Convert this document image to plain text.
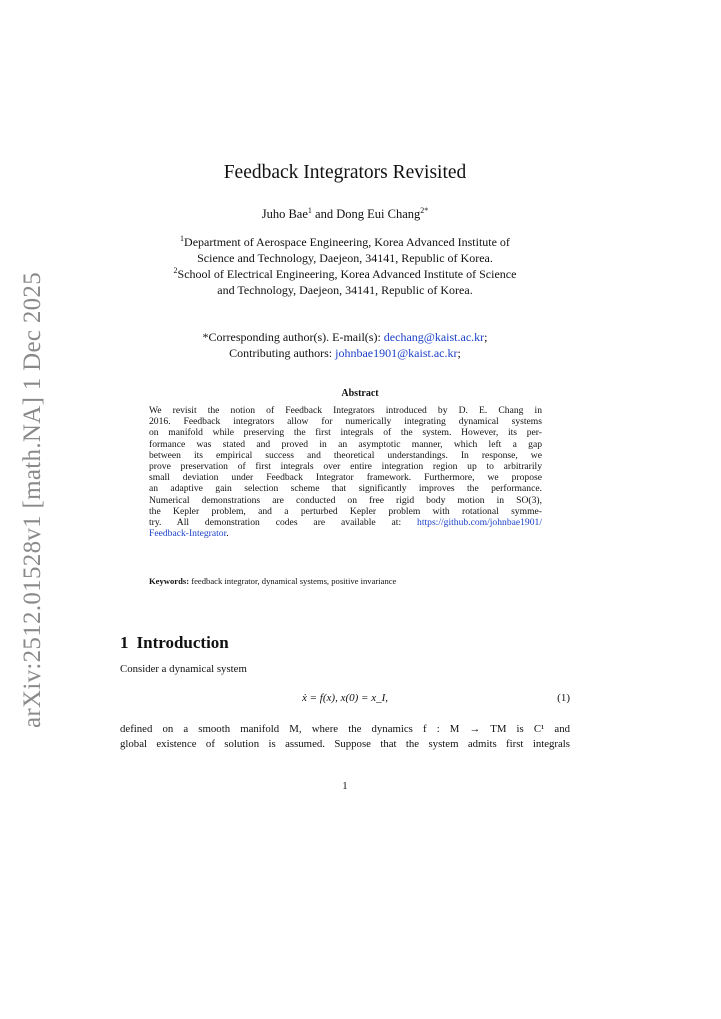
arXiv:2512.01528v1 [math.NA] 1 Dec 2025
Feedback Integrators Revisited
Juho Bae$^1$ and Dong Eui Chang$^{2*}$
$^1$Department of Aerospace Engineering, Korea Advanced Institute of
Science and Technology, Daejeon, 34141, Republic of Korea.
$^2$School of Electrical Engineering, Korea Advanced Institute of Science
and Technology, Daejeon, 34141, Republic of Korea.
*Corresponding author(s). E-mail(s): dechang@kaist.ac.kr;
Contributing authors: johnbae1901@kaist.ac.kr;
Abstract
We revisit the notion of Feedback Integrators introduced by D. E. Chang in
2016. Feedback integrators allow for numerically integrating dynamical systems
on manifold while preserving the first integrals of the system. However, its per-
formance was stated and proved in an asymptotic manner, which left a gap
between its empirical success and theoretical understandings. In response, we
prove preservation of first integrals over entire integration region up to arbitrarily
small deviation under Feedback Integrator framework. Furthermore, we propose
an adaptive gain selection scheme that significantly improves the performance.
Numerical demonstrations are conducted on free rigid body motion in SO(3),
the Kepler problem, and a perturbed Kepler problem with rotational symme-
try. All demonstration codes are available at: https://github.com/johnbae1901/
Feedback-Integrator.
Keywords: feedback integrator, dynamical systems, positive invariance
1 Introduction
Consider a dynamical system
ẋ = f(x), x(0) = x_I,	(1)
defined on a smooth manifold M, where the dynamics f : M → TM is C¹ and
global existence of solution is assumed. Suppose that the system admits first integrals
1
